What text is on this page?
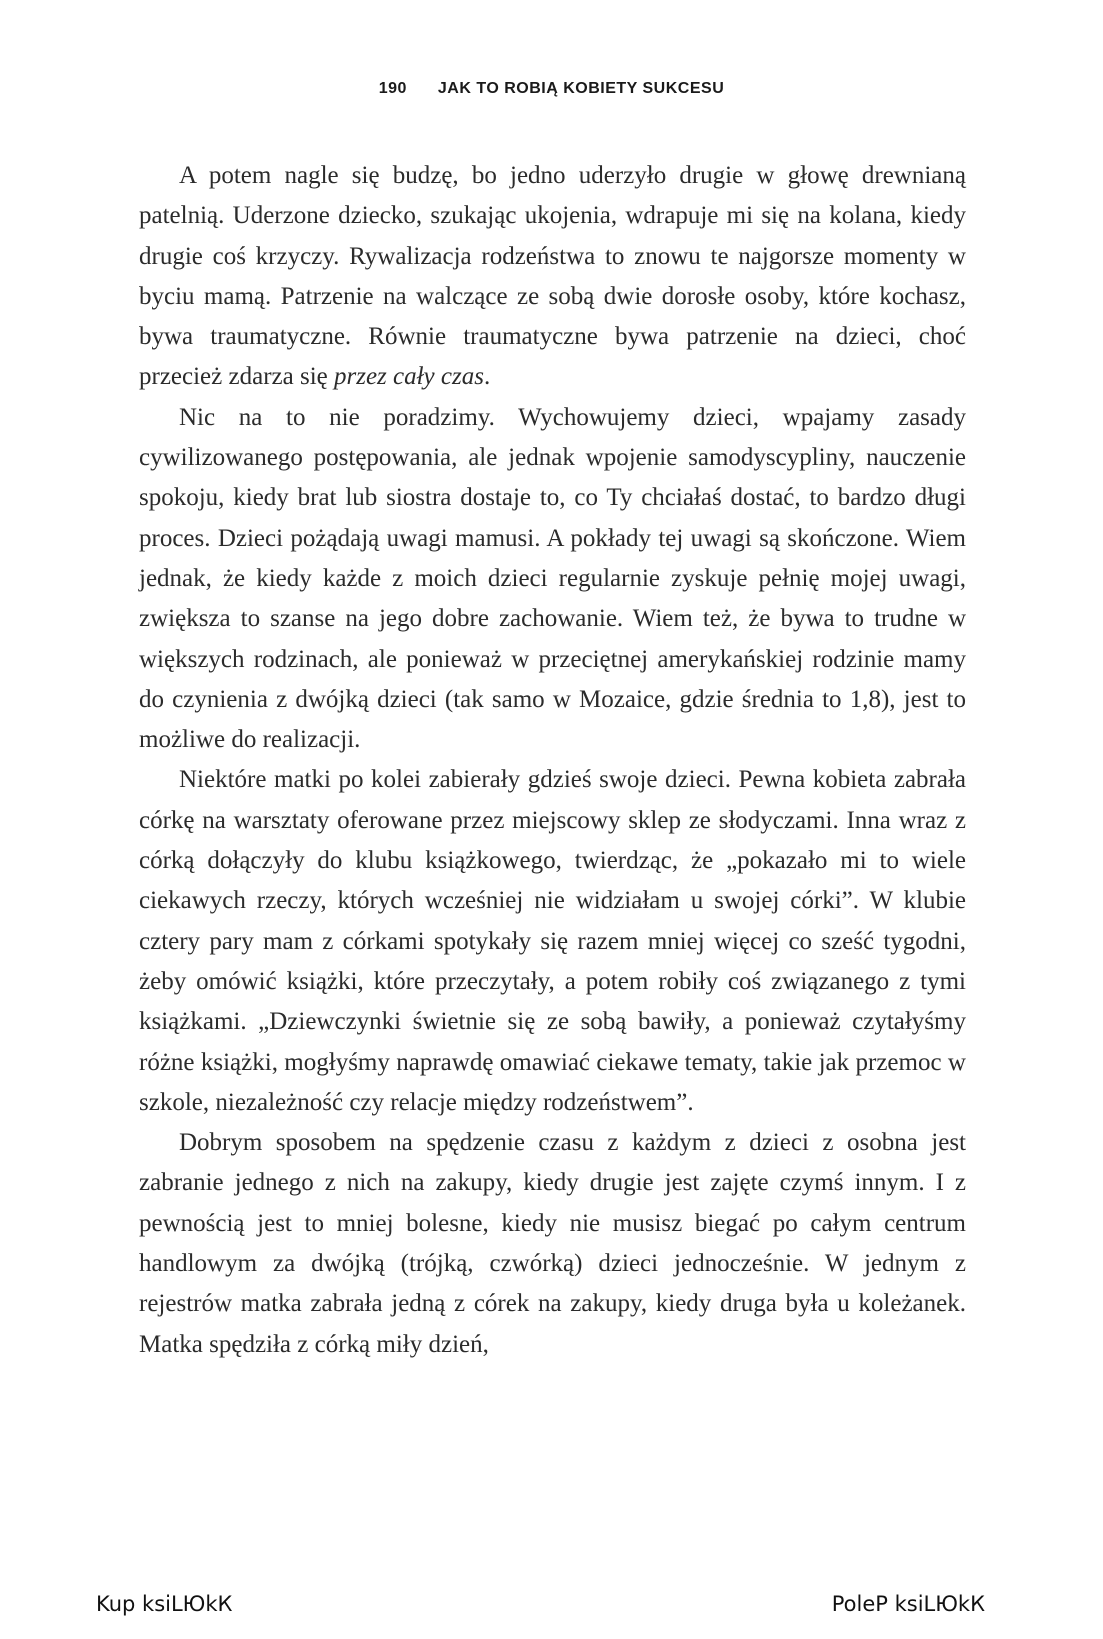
190 JAK TO ROBIĄ KOBIETY SUKCESU

A potem nagle się budzę, bo jedno uderzyło drugie w głowę drewnianą patelnią. Uderzone dziecko, szukając ukojenia, wdrapuje mi się na kolana, kiedy drugie coś krzyczy. Rywalizacja rodzeństwa to znowu te najgorsze momenty w byciu mamą. Patrzenie na walczące ze sobą dwie dorosłe osoby, które kochasz, bywa traumatyczne. Równie traumatyczne bywa patrzenie na dzieci, choć przecież zdarza się przez cały czas.

Nic na to nie poradzimy. Wychowujemy dzieci, wpajamy zasady cywilizowanego postępowania, ale jednak wpojenie samodyscypliny, nauczenie spokoju, kiedy brat lub siostra dostaje to, co Ty chciałaś dostać, to bardzo długi proces. Dzieci pożądają uwagi mamusi. A pokłady tej uwagi są skończone. Wiem jednak, że kiedy każde z moich dzieci regularnie zyskuje pełnię mojej uwagi, zwiększa to szanse na jego dobre zachowanie. Wiem też, że bywa to trudne w większych rodzinach, ale ponieważ w przeciętnej amerykańskiej rodzinie mamy do czynienia z dwójką dzieci (tak samo w Mozaice, gdzie średnia to 1,8), jest to możliwe do realizacji.

Niektóre matki po kolei zabierały gdzieś swoje dzieci. Pewna kobieta zabrała córkę na warsztaty oferowane przez miejscowy sklep ze słodyczami. Inna wraz z córką dołączyły do klubu książkowego, twierdząc, że „pokazało mi to wiele ciekawych rzeczy, których wcześniej nie widziałam u swojej córki”. W klubie cztery pary mam z córkami spotykały się razem mniej więcej co sześć tygodni, żeby omówić książki, które przeczytały, a potem robiły coś związanego z tymi książkami. „Dziewczynki świetnie się ze sobą bawiły, a ponieważ czytałyśmy różne książki, mogłyśmy naprawdę omawiać ciekawe tematy, takie jak przemoc w szkole, niezależność czy relacje między rodzeństwem”.

Dobrym sposobem na spędzenie czasu z każdym z dzieci z osobna jest zabranie jednego z nich na zakupy, kiedy drugie jest zajęte czymś innym. I z pewnością jest to mniej bolesne, kiedy nie musisz biegać po całym centrum handlowym za dwójką (trójką, czwórką) dzieci jednocześnie. W jednym z rejestrów matka zabrała jedną z córek na zakupy, kiedy druga była u koleżanek. Matka spędziła z córką miły dzień,

Kup ksiLЮkК	PoleP ksiLЮkК
